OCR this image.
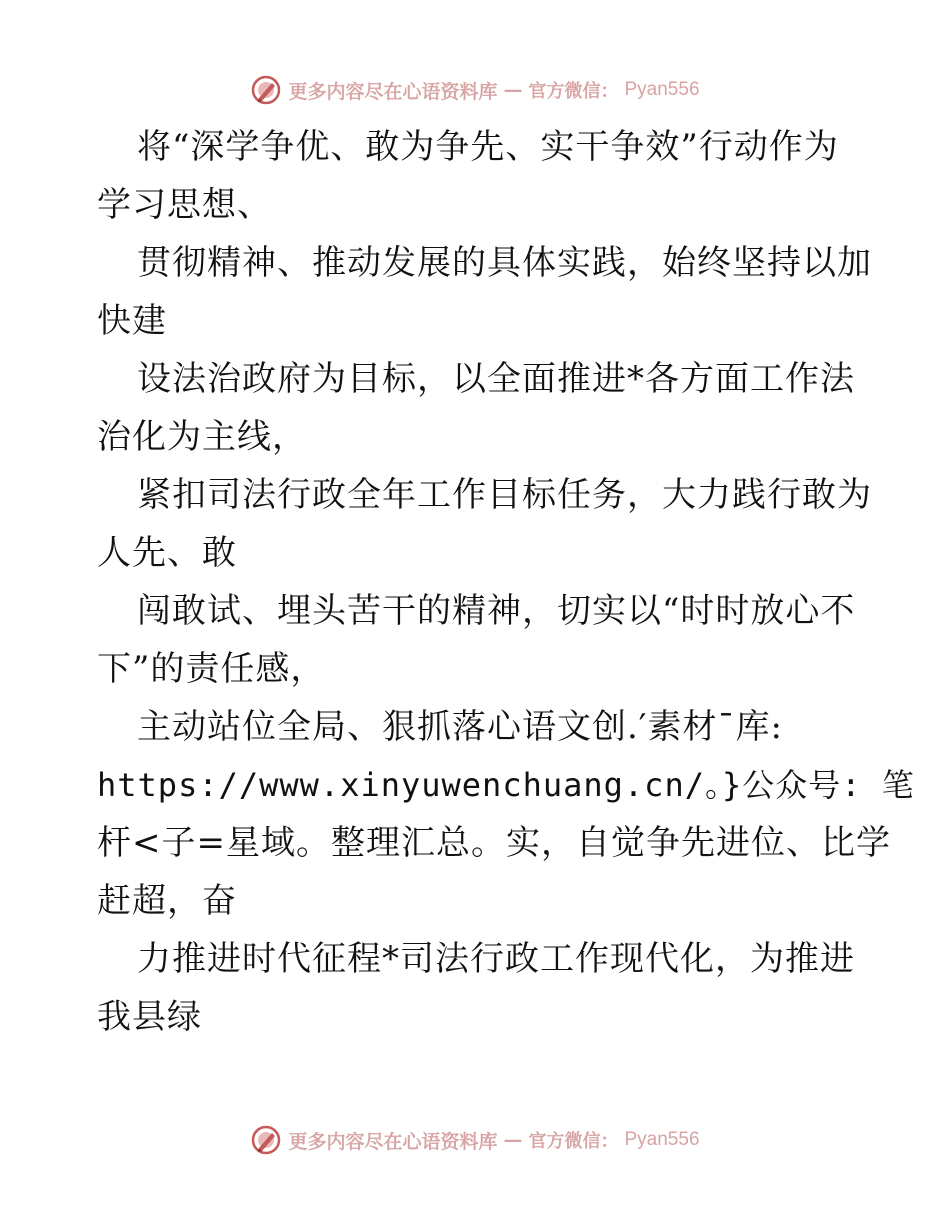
更多内容尽在心语资料库 — 官方微信： Pyan556
将“深学争优、敢为争先、实干争效”行动作为
学习思想、
贯彻精神、推动发展的具体实践，始终坚持以加
快建
设法治政府为目标，以全面推进*各方面工作法
治化为主线，
紧扣司法行政全年工作目标任务，大力践行敢为
人先、敢
闯敢试、埋头苦干的精神，切实以“时时放心不
下”的责任感，
主动站位全局、狠抓落心语文创.′素材¯库:
https://www.xinyuwenchuang.cn/。}公众号: 笔
杆<子=星域。整理汇总。实，自觉争先进位、比学
赶超，奋
力推进时代征程*司法行政工作现代化，为推进
我县绿
更多内容尽在心语资料库 — 官方微信： Pyan556
